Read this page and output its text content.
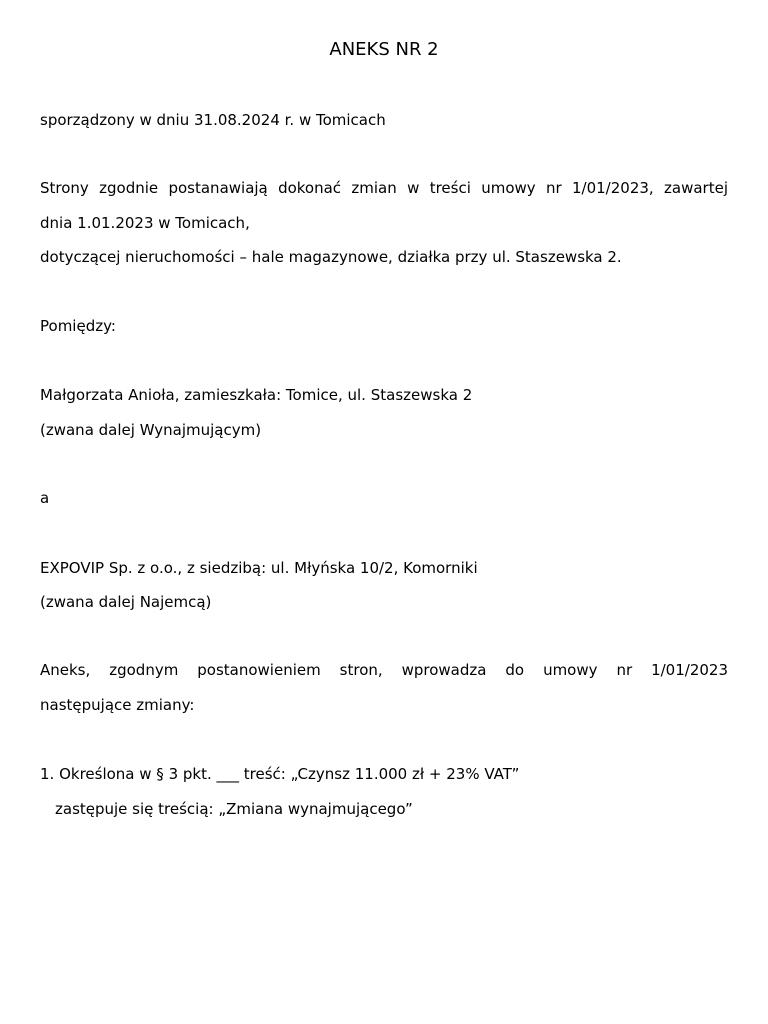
ANEKS NR 2
sporządzony w dniu 31.08.2024 r. w Tomicach
Strony zgodnie postanawiają dokonać zmian w treści umowy nr 1/01/2023, zawartej
dnia 1.01.2023 w Tomicach,
dotyczącej nieruchomości – hale magazynowe, działka przy ul. Staszewska 2.
Pomiędzy:
Małgorzata Anioła, zamieszkała: Tomice, ul. Staszewska 2
(zwana dalej Wynajmującym)
a
EXPOVIP Sp. z o.o., z siedzibą: ul. Młyńska 10/2, Komorniki
(zwana dalej Najemcą)
Aneks, zgodnym postanowieniem stron, wprowadza do umowy nr 1/01/2023
następujące zmiany:
1. Określona w § 3 pkt. ___ treść: „Czynsz 11.000 zł + 23% VAT”
zastępuje się treścią: „Zmiana wynajmującego”
